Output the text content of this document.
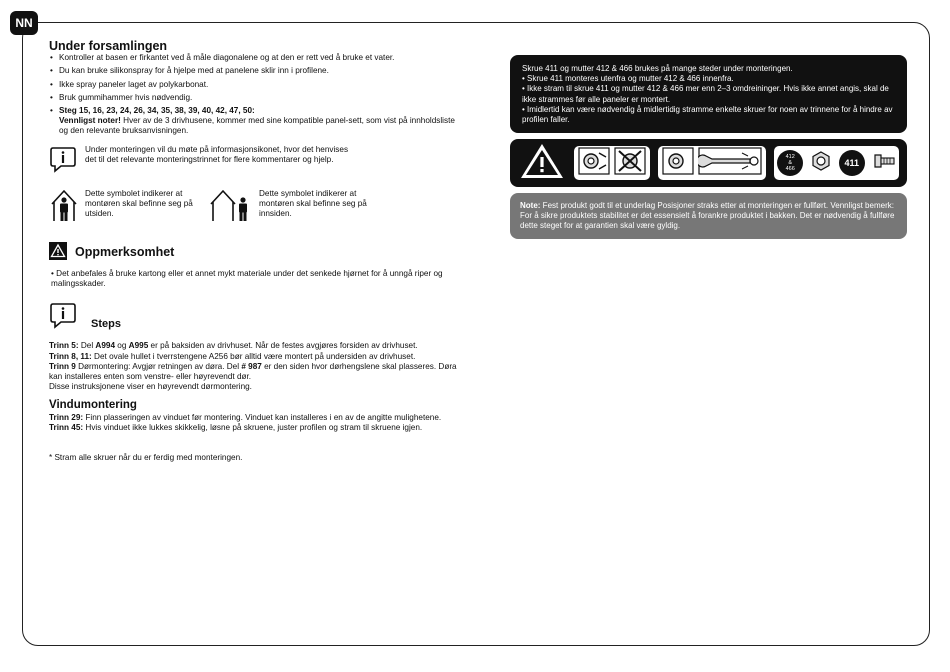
NN
Under forsamlingen
• Kontroller at basen er firkantet ved å måle diagonalene og at den er rett ved å bruke et vater.
• Du kan bruke silikonspray for å hjelpe med at panelene sklir inn i profilene.
• Ikke spray paneler laget av polykarbonat.
• Bruk gummihammer hvis nødvendig.
• Steg 15, 16, 23, 24, 26, 34, 35, 38, 39, 40, 42, 47, 50:
Vennligst noter! Hver av de 3 drivhusene, kommer med sine kompatible panel-sett, som vist på innholdsliste og den relevante bruksanvisningen.
Under monteringen vil du møte på informasjonsikonet, hvor det henvises det til det relevante monteringstrinnet for flere kommentarer og hjelp.
Dette symbolet indikerer at montøren skal befinne seg på utsiden.
Dette symbolet indikerer at montøren skal befinne seg på innsiden.
Oppmerksomhet

• Det anbefales å bruke kartong eller et annet mykt materiale under det senkede hjørnet for å unngå riper og malingsskader.

Steps

Trinn 5: Del A994 og A995 er på baksiden av drivhuset. Når de festes avgjøres forsiden av drivhuset.

Trinn 8, 11: Det ovale hullet i tverrstengene A256 bør alltid være montert på undersiden av drivhuset.

Trinn 9 Dørmontering: Avgjør retningen av døra. Del # 987 er den siden hvor dørhengslene skal plasseres. Døra kan installeres enten som venstre- eller høyrevendt dør.
Disse instruksjonene viser en høyrevendt dørmontering.

Vindumontering

Trinn 29: Finn plasseringen av vinduet før montering. Vinduet kan installeres i en av de angitte mulighetene.

Trinn 45: Hvis vinduet ikke lukkes skikkelig, løsne på skruene, juster profilen og stram til skruene igjen.

* Stram alle skruer når du er ferdig med monteringen.

Skrue 411 og mutter 412 & 466 brukes på mange steder under monteringen.

• Skrue 411 monteres utenfra og mutter 412 & 466 innenfra.

• Ikke stram til skrue 411 og mutter 412 & 466 mer enn 2–3 omdreininger. Hvis ikke annet angis, skal de ikke strammes før alle paneler er montert.

• Imidlertid kan være nødvendig å midlertidig stramme enkelte skruer for noen av trinnene for å hindre av profilen faller.

412
&
466
411

Note: Fest produkt godt til et underlag Posisjoner straks etter at monteringen er fullført. Vennligst bemerk: For å sikre produktets stabilitet er det essensielt å forankre produktet i bakken. Det er nødvendig å fullføre dette steget for at garantien skal være gyldig.
